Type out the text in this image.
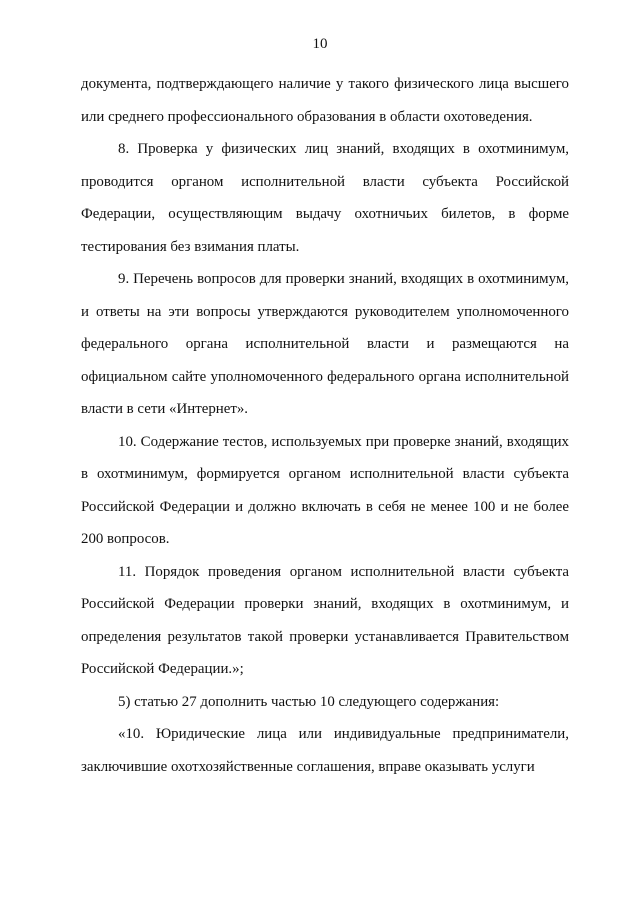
10

документа, подтверждающего наличие у такого физического лица высшего или среднего профессионального образования в области охотоведения.

8. Проверка у физических лиц знаний, входящих в охотминимум, проводится органом исполнительной власти субъекта Российской Федерации, осуществляющим выдачу охотничьих билетов, в форме тестирования без взимания платы.

9. Перечень вопросов для проверки знаний, входящих в охотминимум, и ответы на эти вопросы утверждаются руководителем уполномоченного федерального органа исполнительной власти и размещаются на официальном сайте уполномоченного федерального органа исполнительной власти в сети «Интернет».

10. Содержание тестов, используемых при проверке знаний, входящих в охотминимум, формируется органом исполнительной власти субъекта Российской Федерации и должно включать в себя не менее 100 и не более 200 вопросов.

11. Порядок проведения органом исполнительной власти субъекта Российской Федерации проверки знаний, входящих в охотминимум, и определения результатов такой проверки устанавливается Правительством Российской Федерации.»;

5) статью 27 дополнить частью 10 следующего содержания:

«10. Юридические лица или индивидуальные предприниматели, заключившие охотхозяйственные соглашения, вправе оказывать услуги
